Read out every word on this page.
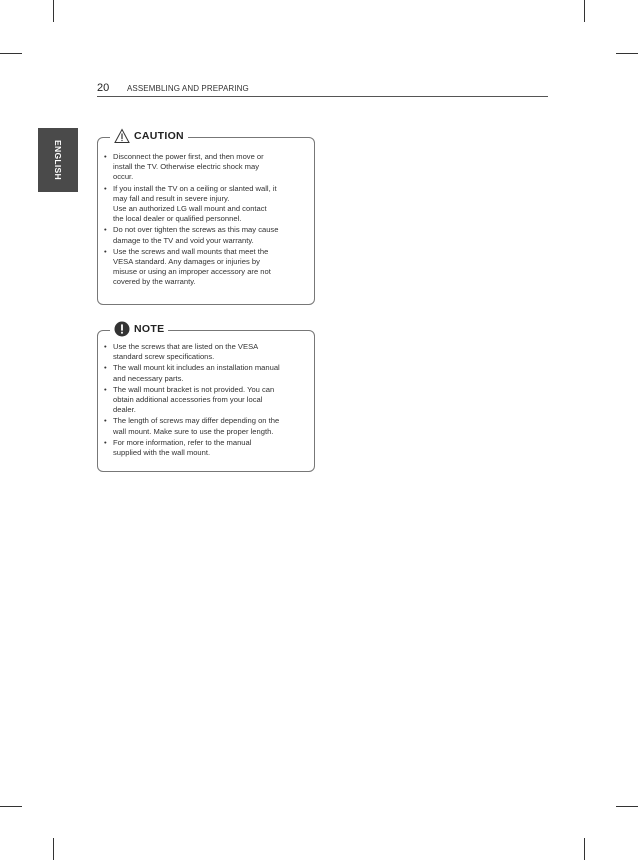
20 ASSEMBLING AND PREPARING
ENGLISH
CAUTION
• Disconnect the power first, and then move or
install the TV. Otherwise electric shock may
occur.
• If you install the TV on a ceiling or slanted wall, it
may fall and result in severe injury.
Use an authorized LG wall mount and contact
the local dealer or qualified personnel.
• Do not over tighten the screws as this may cause
damage to the TV and void your warranty.
• Use the screws and wall mounts that meet the
VESA standard. Any damages or injuries by
misuse or using an improper accessory are not
covered by the warranty.
NOTE
• Use the screws that are listed on the VESA
standard screw specifications.
• The wall mount kit includes an installation manual
and necessary parts.
• The wall mount bracket is not provided. You can
obtain additional accessories from your local
dealer.
• The length of screws may differ depending on the
wall mount. Make sure to use the proper length.
• For more information, refer to the manual
supplied with the wall mount.
